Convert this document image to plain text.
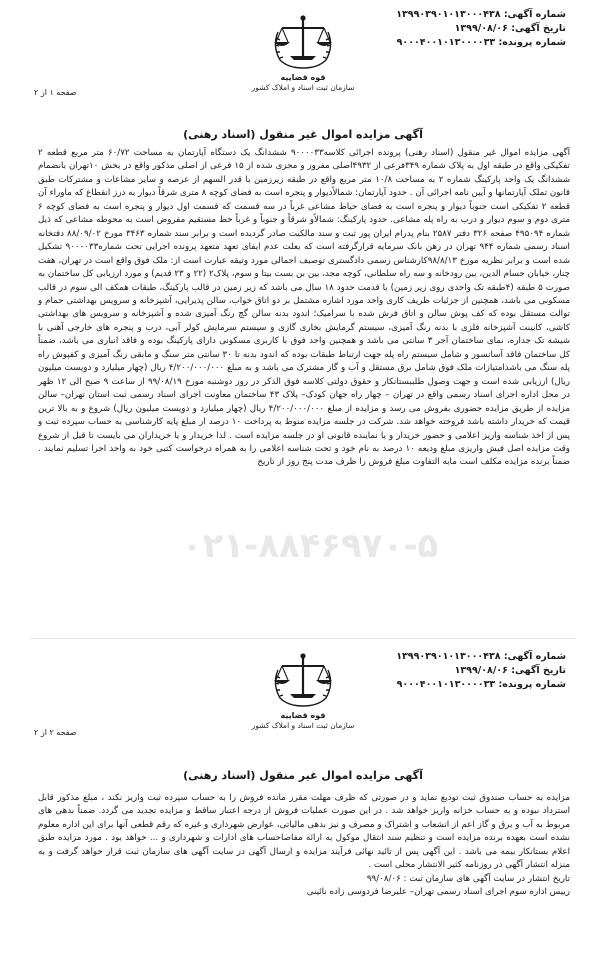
شماره آگهی: ۱۳۹۹۰۳۹۰۱۰۱۳۰۰۰۴۳۸
تاریخ آگهی: ۱۳۹۹/۰۸/۰۶
شماره پرونده: ۹۰۰۰۴۰۰۱۰۱۳۰۰۰۰۳۳
قوه قضاییه
سازمان ثبت اسناد و املاک کشور
صفحه ۱ از ۲
آگهی مزایده اموال غیر منقول (اسناد رهنی)

آگهی مزایده اموال غیر منقول (اسناد رهنی) پرونده اجرائی کلاسه۹۰۰۰۰۳۳ ششدانگ یک دستگاه آپارتمان به مساحت ۶۰/۷۲ متر مربع قطعه ۲ تفکیکی واقع در طبقه اول به پلاک شماره ۳۴۹فرعی از ۴۹۳۲اصلی مفروز و مجزی شده از ۱۵ فرعی از اصلی مذکور واقع در بخش ۱۰تهران بانضمام ششدانگ یک واحد پارکینگ شماره ۲ به مساحت ۱۰/۸ متر مربع واقع در طبقه زیرزمین با قدر السهم از عرصه و سایر مشاعات و مشترکات طبق قانون تملک آپارتمانها و آیین نامه اجرائی آن . حدود آپارتمان: شمالاًدیوار و پنجره است به فضای کوچه ۸ متری شرقاً دیوار به درز انقطاع که ماوراء آن قطعه ۲ تفکیکی است جنوباً دیوار و پنجره است به فضای حیاط مشاعی غرباً در سه قسمت که قسمت اول دیوار و پنجره است به فضای کوچه ۶ متری دوم و سوم دیوار و درب به راه پله مشاعی. حدود پارکینگ: شمالاًو شرقاً و جنوباً و غرباً خط مستقیم مفروض است به محوطه مشاعی که ذیل شماره ۴۹۵۰۹۴ صفحه ۳۲۶ دفتر ۲۵۸۷ بنام پدرام ایران پور ثبت و سند مالکیت صادر گردیده است و برابر سند شماره ۳۴۶۳ مورخ ۸۸/۰۹/۰۲ دفتخانه اسناد رسمی شماره ۹۴۴ تهران در رهن بانک سرمایه قرارگرفته است که بعلت عدم ایفای تعهد متعهد پرونده اجرایی تحت شماره۹۰۰۰۰۳۳ تشکیل شده است و برابر نظریه مورخ ۹۸/۸/۱۳کارشناس رسمی دادگستری توصیف اجمالی مورد وثیقه عبارت است از: ملک فوق واقع است در تهران، هفت چنار، خیابان حسام الدین، بین رودخانه و سه راه سلطانی، کوچه مجد، بین بن بست بیتا و سوم، پلاک۲ (۲۲ و ۲۳ قدیم) و مورد ارزیابی کل ساختمان به صورت ۵ طبقه (۴طبقه تک واحدی روی زیر زمین) با قدمت حدود ۱۸ سال می باشد که زیر زمین در قالب پارکینگ، طبقات همکف الی سوم در قالب مسکونی می باشد، همچنین از جزئیات ظریف کاری واحد مورد اشاره مشتمل بر دو اتاق خواب، سالن پذیرایی، آشپزخانه و سرویس بهداشتی حمام و توالت مستقل بوده که کف پوش سالن و اتاق فرش شده با سرامیک؛ اندود بدنه سالن گچ رنگ آمیزی شده و آشپزخانه و سرویس های بهداشتی کاشی، کابینت آشپزخانه فلزی با بدنه رنگ آمیزی، سیستم گرمایش بخاری گازی و سیستم سرمایش کولر آبی، درب و پنجره های خارجی آهنی با شیشه تک جداره، نمای ساختمان آجر ۳ سانتی می باشد و همچنین واحد فوق با کاربری مسکونی دارای پارکینگ بوده و فاقد انباری می باشد، ضمناً کل ساختمان فاقد آسانسور و شامل سیستم راه پله جهت ارتباط طبقات بوده که اندود بدنه تا ۳۰ سانتی متر سنگ و مابقی رنگ آمیزی و کفپوش راه پله سنگ می باشدامتیازات ملک فوق شامل برق مستقل و آب و گاز مشترک می باشد و به مبلغ ۴/۲۰۰/۰۰۰/۰۰۰ ریال (چهار میلیارد و دویست میلیون ریال) ارزیابی شده است و جهت وصول طلببستانکار و حقوق دولتی کلاسه فوق الذکر در روز دوشنبه مورخ ۹۹/۰۸/۱۹ از ساعت ۹ صبح الی ۱۲ ظهر در محل اداره اجرای اسناد رسمی واقع در تهران – چهار راه جهان کودک– پلاک ۴۳ ساختمان معاونت اجرای اسناد رسمی ثبت استان تهران– سالن مزایده از طریق مزایده حضوری بفروش می رسد و مزایده از مبلغ ۴/۲۰۰/۰۰۰/۰۰۰ ریال (چهار میلیارد و دویست میلیون ریال) شروع و به بالا ترین قیمت که خریدار داشته باشد فروخته خواهد شد. شرکت در جلسه مزایده منوط به پرداخت ۱۰ درصد از مبلغ پایه کارشناسی به حساب سپرده ثبت و پس از اخذ شناسه واریز اعلامی و حضور خریدار و یا نماینده قانونی او در جلسه مزایده است . لذا خریدار و یا خریداران می بایست تا قبل از شروع وقت مزایده اصل فیش واریزی مبلغ ودیعه ۱۰ درصد به نام خود و تحت شناسه اعلامی را به همراه درخواست کتبی خود به واحد اجرا تسلیم نمایند . ضمناً برنده مزایده مکلف است مابه التفاوت مبلغ فروش را ظرف مدت پنج روز از تاریخ

۰۲۱-۸۸۴۶۹۷۰-۵
شماره آگهی: ۱۳۹۹۰۳۹۰۱۰۱۳۰۰۰۴۳۸
تاریخ آگهی: ۱۳۹۹/۰۸/۰۶
شماره پرونده: ۹۰۰۰۴۰۰۱۰۱۳۰۰۰۰۳۳
قوه قضاییه
سازمان ثبت اسناد و املاک کشور
صفحه ۲ از ۲
آگهی مزایده اموال غیر منقول (اسناد رهنی)

مزایده به حساب صندوق ثبت تودیع نماید و در صورتی که ظرف مهلت مقرر مانده فروش را به حساب سپرده ثبت واریز نکند ، مبلغ مذکور قابل استرداد نبوده و به حساب خزانه واریز خواهد شد . در این صورت عملیات فروش از درجه اعتبار ساقط و مزایده تجدید می گردد. ضمناً بدهی های مربوط به آب و برق و گاز اعم از انشعاب و اشتراک و مصرف و نیز بدهی مالیاتی، عوارض شهرداری و غیره که رقم قطعی آنها برای این اداره معلوم نشده است بعهده برنده مزایده است و تنظیم سند انتقال موکول به ارائه مفاصاحساب های ادارات و شهرداری و ... خواهد بود . مورد مزایده طبق اعلام بستانکار بیمه می باشد . این آگهی پس از تائید نهائی فرآیند مزایده و ارسال آگهی در سایت آگهی های سازمان ثبت قرار خواهد گرفت و به منزله انتشار آگهی در روزنامه کثیر الانتشار محلی است .

تاریخ انتشار در سایت آگهی های سازمان ثبت : ۹۹/۰۸/۰۶

رییس اداره سوم اجرای اسناد رسمی تهران– علیرضا فردوسی زاده نائینی
